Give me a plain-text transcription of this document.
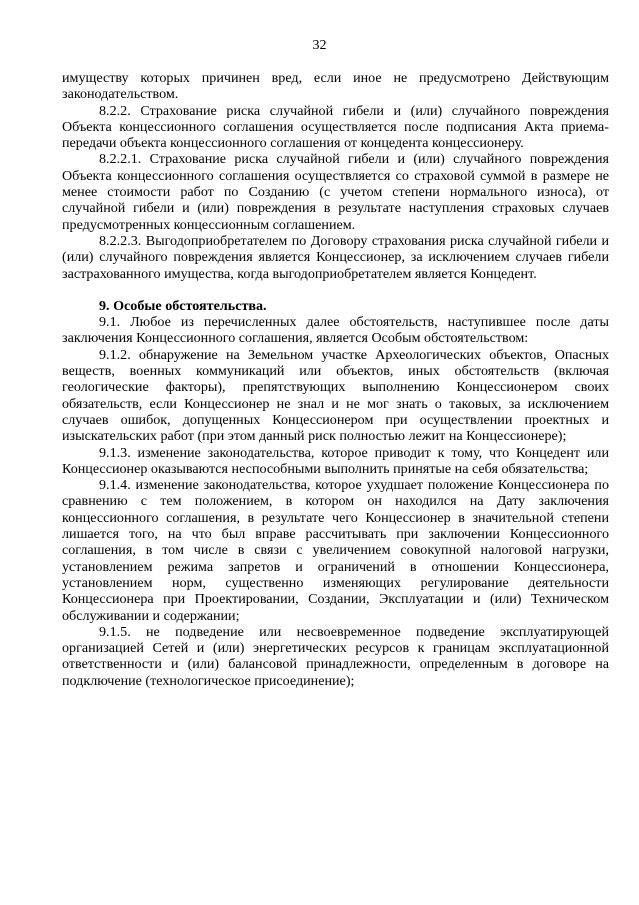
32

имуществу которых причинен вред, если иное не предусмотрено Действующим законодательством.

8.2.2. Страхование риска случайной гибели и (или) случайного повреждения Объекта концессионного соглашения осуществляется после подписания Акта приема-передачи объекта концессионного соглашения от концедента концессионеру.

8.2.2.1. Страхование риска случайной гибели и (или) случайного повреждения Объекта концессионного соглашения осуществляется со страховой суммой в размере не менее стоимости работ по Созданию (с учетом степени нормального износа), от случайной гибели и (или) повреждения в результате наступления страховых случаев предусмотренных концессионным соглашением.

8.2.2.3. Выгодоприобретателем по Договору страхования риска случайной гибели и (или) случайного повреждения является Концессионер, за исключением случаев гибели застрахованного имущества, когда выгодоприобретателем является Концедент.

9. Особые обстоятельства.

9.1. Любое из перечисленных далее обстоятельств, наступившее после даты заключения Концессионного соглашения, является Особым обстоятельством:

9.1.2. обнаружение на Земельном участке Археологических объектов, Опасных веществ, военных коммуникаций или объектов, иных обстоятельств (включая геологические факторы), препятствующих выполнению Концессионером своих обязательств, если Концессионер не знал и не мог знать о таковых, за исключением случаев ошибок, допущенных Концессионером при осуществлении проектных и изыскательских работ (при этом данный риск полностью лежит на Концессионере);

9.1.3. изменение законодательства, которое приводит к тому, что Концедент или Концессионер оказываются неспособными выполнить принятые на себя обязательства;

9.1.4. изменение законодательства, которое ухудшает положение Концессионера по сравнению с тем положением, в котором он находился на Дату заключения концессионного соглашения, в результате чего Концессионер в значительной степени лишается того, на что был вправе рассчитывать при заключении Концессионного соглашения, в том числе в связи с увеличением совокупной налоговой нагрузки, установлением режима запретов и ограничений в отношении Концессионера, установлением норм, существенно изменяющих регулирование деятельности Концессионера при Проектировании, Создании, Эксплуатации и (или) Техническом обслуживании и содержании;

9.1.5. не подведение или несвоевременное подведение эксплуатирующей организацией Сетей и (или) энергетических ресурсов к границам эксплуатационной ответственности и (или) балансовой принадлежности, определенным в договоре на подключение (технологическое присоединение);
